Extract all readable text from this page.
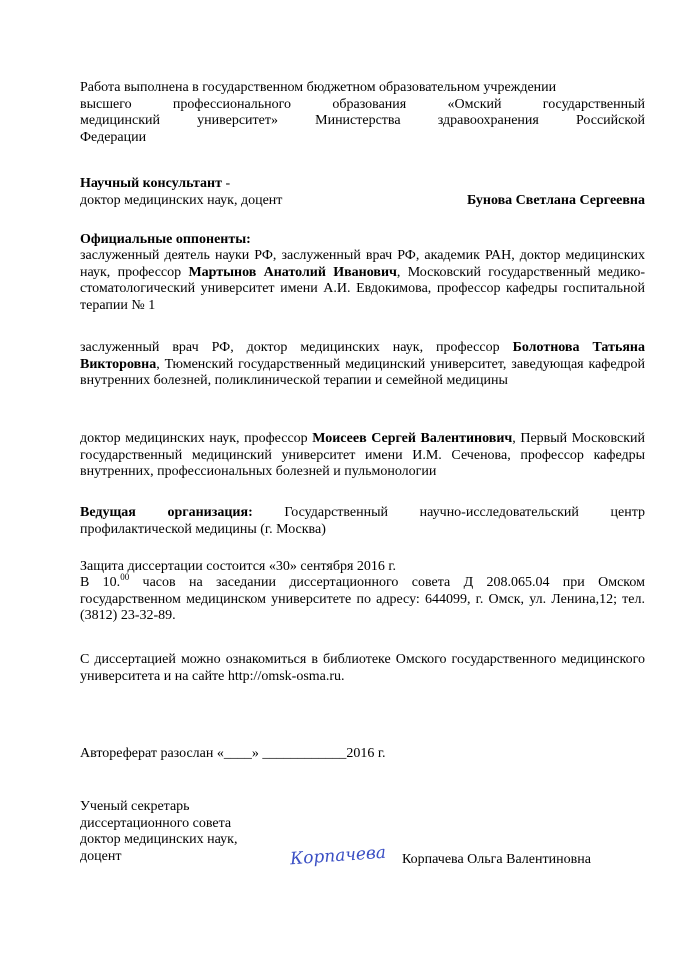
Работа выполнена в государственном бюджетном образовательном учреждении
высшего	профессионального	образования	«Омский	государственный
медицинский	университет»	Министерства	здравоохранения	Российской
Федерации
Научный консультант -
доктор медицинских наук, доцент	Бунова Светлана Сергеевна
Официальные оппоненты:
заслуженный деятель науки РФ, заслуженный врач РФ, академик РАН, доктор медицинских наук, профессор Мартынов Анатолий Иванович, Московский государственный медико-стоматологический университет имени А.И. Евдокимова, профессор кафедры госпитальной терапии № 1
заслуженный врач РФ, доктор медицинских наук, профессор Болотнова Татьяна Викторовна, Тюменский государственный медицинский университет, заведующая кафедрой внутренних болезней, поликлинической терапии и семейной медицины
доктор медицинских наук, профессор Моисеев Сергей Валентинович, Первый Московский государственный медицинский университет имени И.М. Сеченова, профессор кафедры внутренних, профессиональных болезней и пульмонологии
Ведущая организация: Государственный научно-исследовательский центр профилактической медицины (г. Москва)
Защита диссертации состоится «30» сентября 2016 г.
В 10.00 часов на заседании диссертационного совета Д 208.065.04 при Омском государственном медицинском университете по адресу: 644099, г. Омск, ул. Ленина,12; тел. (3812) 23-32-89.
С диссертацией можно ознакомиться в библиотеке Омского государственного медицинского университета и на сайте http://omsk-osma.ru.
Автореферат разослан «____» ____________2016 г.
Ученый секретарь
диссертационного совета
доктор медицинских наук,
доцент	Корпачева Корпачева Ольга Валентиновна
